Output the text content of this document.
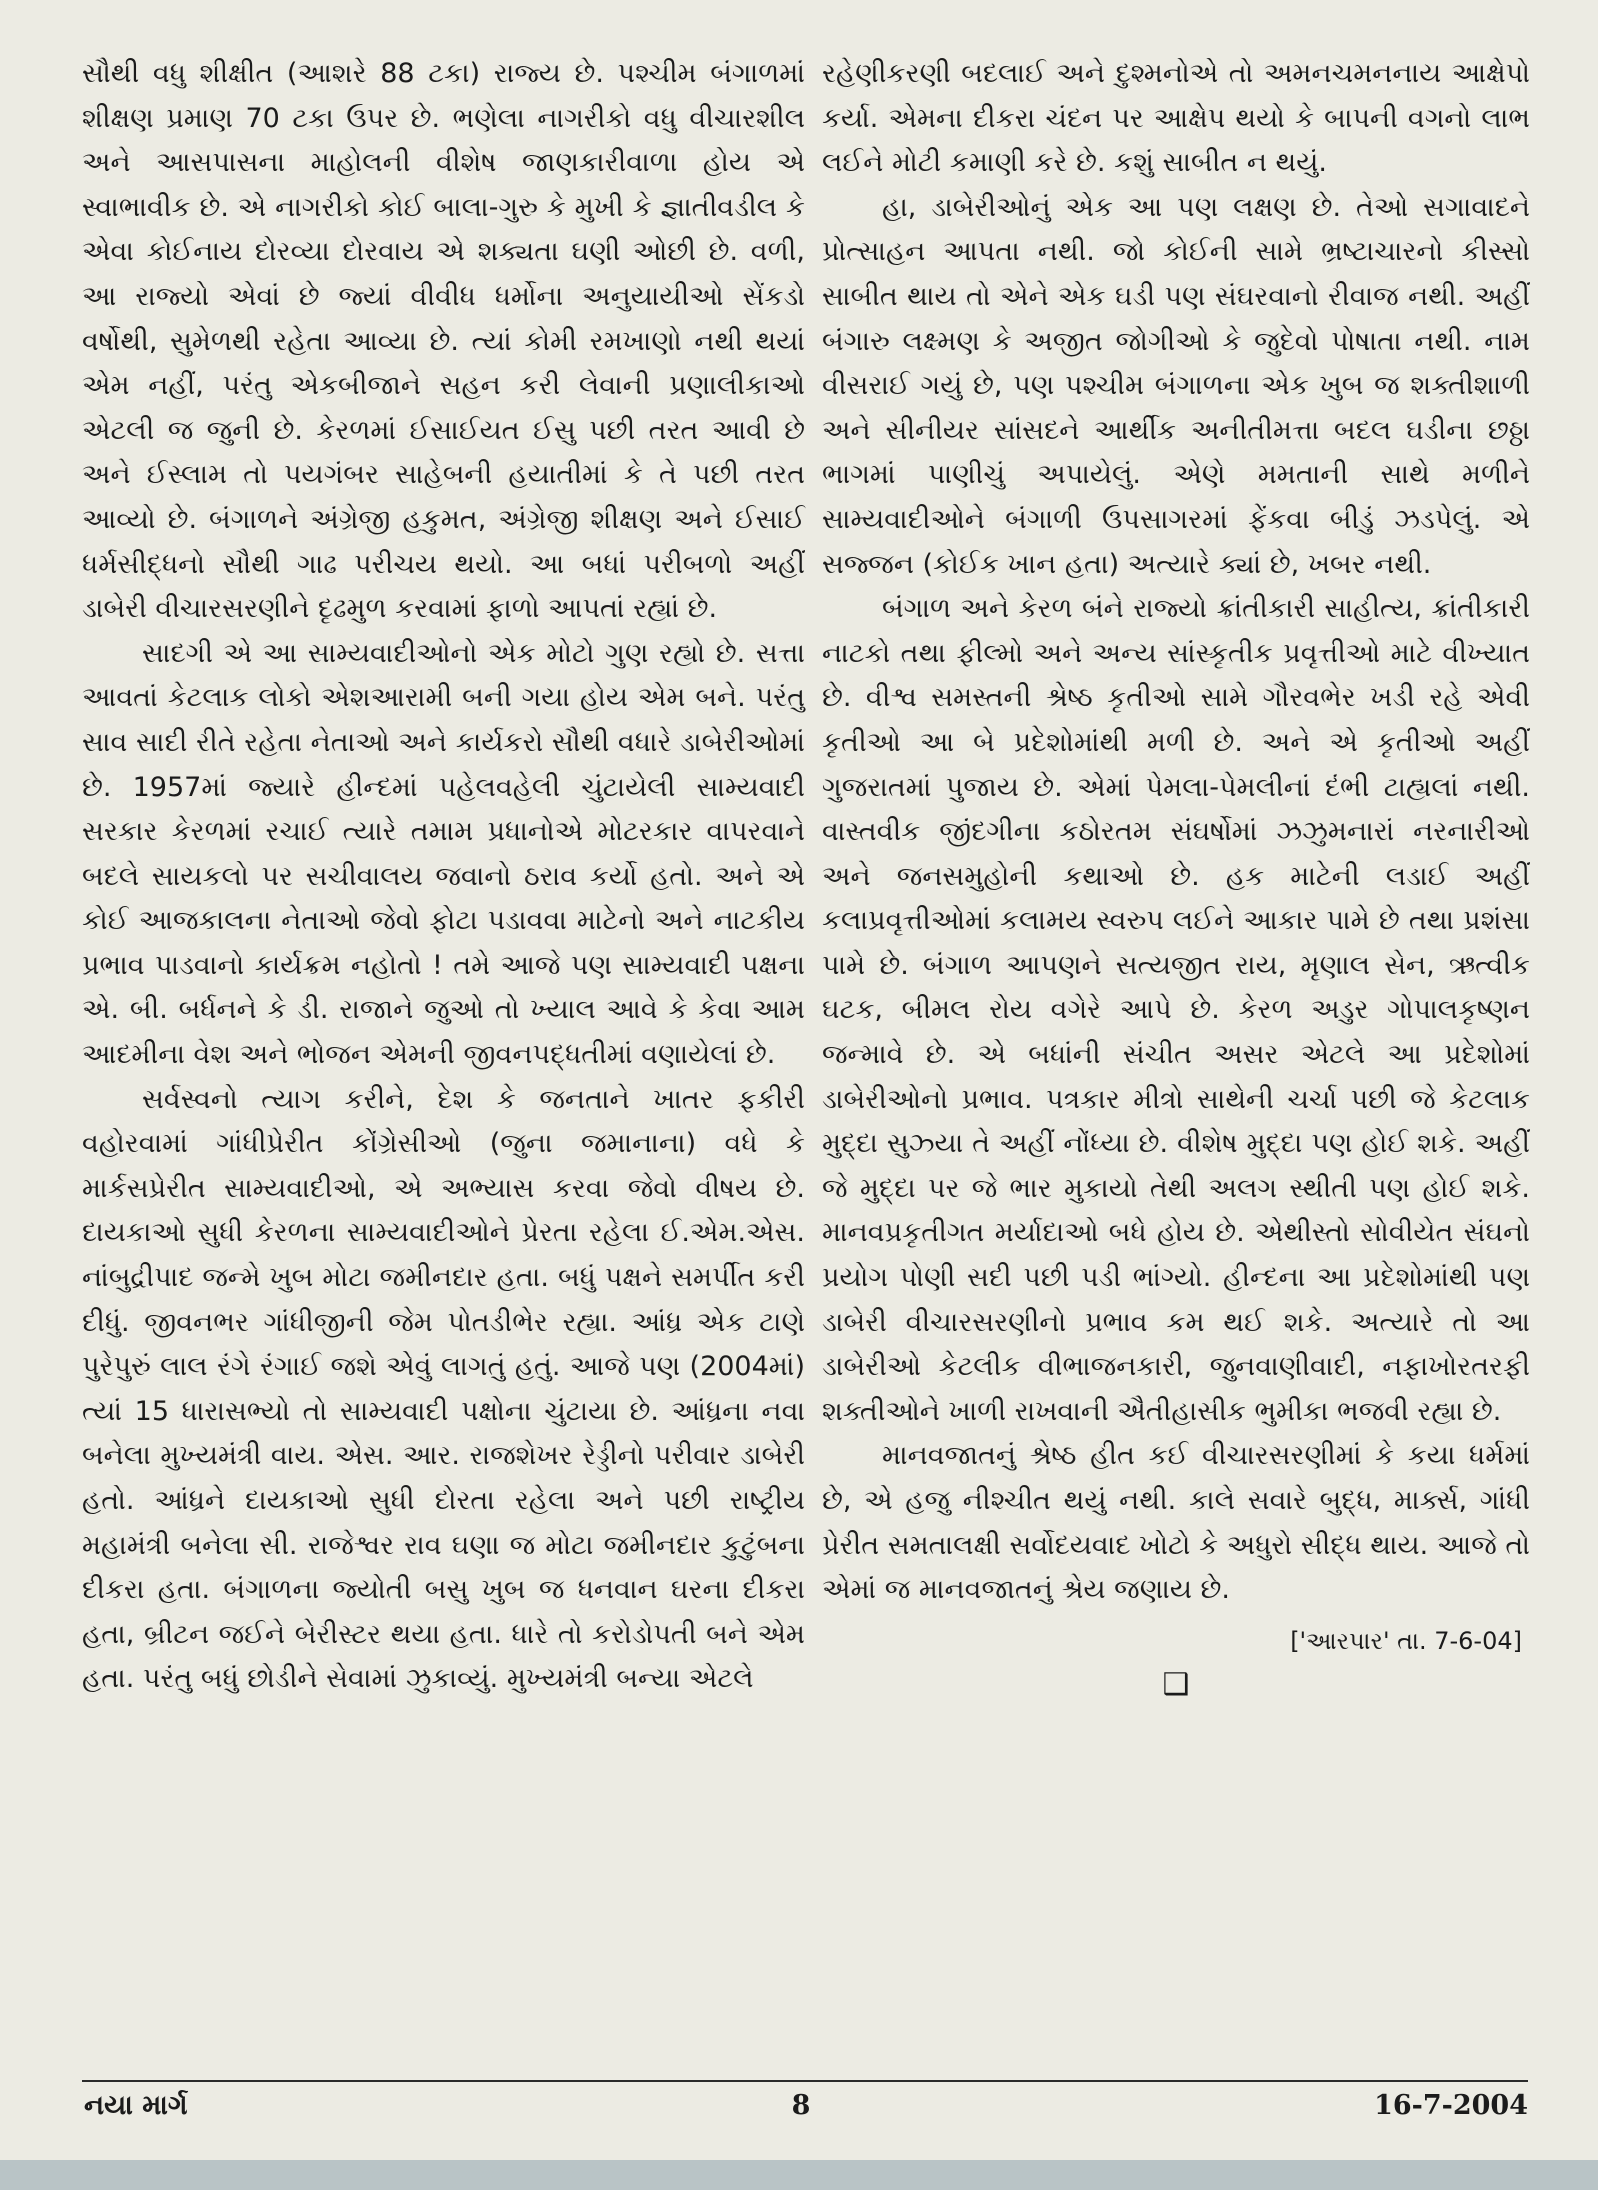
સૌથી વધુ શીક્ષીત (આશરે 88 ટકા) રાજ્ય છે. પશ્ચીમ બંગાળમાં શીક્ષણ પ્રમાણ 70 ટકા ઉપર છે. ભણેલા નાગરીકો વધુ વીચારશીલ અને આસપાસના માહોલની વીશેષ જાણકારીવાળા હોય એ સ્વાભાવીક છે. એ નાગરીકો કોઈ બાલા-ગુરુ કે મુખી કે જ્ઞાતીવડીલ કે એવા કોઈનાય દોરવ્યા દોરવાય એ શક્યતા ઘણી ઓછી છે. વળી, આ રાજ્યો એવાં છે જ્યાં વીવીધ ધર્મોના અનુયાયીઓ સેંકડો વર્ષોથી, સુમેળથી રહેતા આવ્યા છે. ત્યાં કોમી રમખાણો નથી થયાં એમ નહીં, પરંતુ એકબીજાને સહન કરી લેવાની પ્રણાલીકાઓ એટલી જ જુની છે. કેરળમાં ઈસાઈયત ઈસુ પછી તરત આવી છે અને ઈસ્લામ તો પયગંબર સાહેબની હયાતીમાં કે તે પછી તરત આવ્યો છે. બંગાળને અંગ્રેજી હકુમત, અંગ્રેજી શીક્ષણ અને ઈસાઈ ધર્મસીદ્ધનો સૌથી ગાઢ પરીચય થયો. આ બધાં પરીબળો અહીં ડાબેરી વીચારસરણીને દૃઢમુળ કરવામાં ફાળો આપતાં રહ્યાં છે.

સાદગી એ આ સામ્યવાદીઓનો એક મોટો ગુણ રહ્યો છે. સત્તા આવતાં કેટલાક લોકો એશઆરામી બની ગયા હોય એમ બને. પરંતુ સાવ સાદી રીતે રહેતા નેતાઓ અને કાર્યકરો સૌથી વધારે ડાબેરીઓમાં છે. 1957માં જ્યારે હીન્દમાં પહેલવહેલી ચુંટાયેલી સામ્યવાદી સરકાર કેરળમાં રચાઈ ત્યારે તમામ પ્રધાનોએ મોટરકાર વાપરવાને બદલે સાયકલો પર સચીવાલય જવાનો ઠરાવ કર્યો હતો. અને એ કોઈ આજકાલના નેતાઓ જેવો ફોટા પડાવવા માટેનો અને નાટકીય પ્રભાવ પાડવાનો કાર્યક્રમ નહોતો ! તમે આજે પણ સામ્યવાદી પક્ષના એ. બી. બર્ધનને કે ડી. રાજાને જુઓ તો ખ્યાલ આવે કે કેવા આમ આદમીના વેશ અને ભોજન એમની જીવનપદ્ધતીમાં વણાયેલાં છે.

સર્વસ્વનો ત્યાગ કરીને, દેશ કે જનતાને ખાતર ફકીરી વહોરવામાં ગાંધીપ્રેરીત કોંગ્રેસીઓ (જુના જમાનાના) વધે કે માર્કસપ્રેરીત સામ્યવાદીઓ, એ અભ્યાસ કરવા જેવો વીષય છે. દાયકાઓ સુધી કેરળના સામ્યવાદીઓને પ્રેરતા રહેલા ઈ.એમ.એસ. નાંબુદ્રીપાદ જન્મે ખુબ મોટા જમીનદાર હતા. બધું પક્ષને સમર્પીત કરી દીધું. જીવનભર ગાંધીજીની જેમ પોતડીભેર રહ્યા. આંધ્ર એક ટાણે પુરેપુરું લાલ રંગે રંગાઈ જશે એવું લાગતું હતું. આજે પણ (2004માં) ત્યાં 15 ધારાસભ્યો તો સામ્યવાદી પક્ષોના ચુંટાયા છે. આંધ્રના નવા બનેલા મુખ્યમંત્રી વાય. એસ. આર. રાજશેખર રેડ્ડીનો પરીવાર ડાબેરી હતો. આંધ્રને દાયકાઓ સુધી દોરતા રહેલા અને પછી રાષ્ટ્રીય મહામંત્રી બનેલા સી. રાજેશ્વર રાવ ઘણા જ મોટા જમીનદાર કુટુંબના દીકરા હતા. બંગાળના જ્યોતી બસુ ખુબ જ ધનવાન ઘરના દીકરા હતા, બ્રીટન જઈને બેરીસ્ટર થયા હતા. ધારે તો કરોડોપતી બને એમ હતા. પરંતુ બધું છોડીને સેવામાં ઝુકાવ્યું. મુખ્યમંત્રી બન્યા એટલે

રહેણીકરણી બદલાઈ અને દુશ્મનોએ તો અમનચમનનાય આક્ષેપો કર્યા. એમના દીકરા ચંદન પર આક્ષેપ થયો કે બાપની વગનો લાભ લઈને મોટી કમાણી કરે છે. કશું સાબીત ન થયું.

હા, ડાબેરીઓનું એક આ પણ લક્ષણ છે. તેઓ સગાવાદને પ્રોત્સાહન આપતા નથી. જો કોઈની સામે ભ્રષ્ટાચારનો કીસ્સો સાબીત થાય તો એને એક ઘડી પણ સંઘરવાનો રીવાજ નથી. અહીં બંગારુ લક્ષ્મણ કે અજીત જોગીઓ કે જુદેવો પોષાતા નથી. નામ વીસરાઈ ગયું છે, પણ પશ્ચીમ બંગાળના એક ખુબ જ શક્તીશાળી અને સીનીયર સાંસદને આર્થીક અનીતીમત્તા બદલ ઘડીના છઠ્ઠા ભાગમાં પાણીચું અપાયેલું. એણે મમતાની સાથે મળીને સામ્યવાદીઓને બંગાળી ઉપસાગરમાં ફેંકવા બીડું ઝડપેલું. એ સજ્જન (કોઈક ખાન હતા) અત્યારે ક્યાં છે, ખબર નથી.

બંગાળ અને કેરળ બંને રાજ્યો ક્રાંતીકારી સાહીત્ય, ક્રાંતીકારી નાટકો તથા ફીલ્મો અને અન્ય સાંસ્કૃતીક પ્રવૃત્તીઓ માટે વીખ્યાત છે. વીશ્વ સમસ્તની શ્રેષ્ઠ કૃતીઓ સામે ગૌરવભેર ખડી રહે એવી કૃતીઓ આ બે પ્રદેશોમાંથી મળી છે. અને એ કૃતીઓ અહીં ગુજરાતમાં પુજાય છે. એમાં પેમલા-પેમલીનાં દંભી ટાહ્યલાં નથી. વાસ્તવીક જીંદગીના કઠોરતમ સંઘર્ષોમાં ઝઝુમનારાં નરનારીઓ અને જનસમુહોની કથાઓ છે. હક માટેની લડાઈ અહીં કલાપ્રવૃત્તીઓમાં કલામય સ્વરુપ લઈને આકાર પામે છે તથા પ્રશંસા પામે છે. બંગાળ આપણને સત્યજીત રાય, મૃણાલ સેન, ઋત્વીક ઘટક, બીમલ રોય વગેરે આપે છે. કેરળ અડુર ગોપાલકૃષ્ણન જન્માવે છે. એ બધાંની સંચીત અસર એટલે આ પ્રદેશોમાં ડાબેરીઓનો પ્રભાવ. પત્રકાર મીત્રો સાથેની ચર્ચા પછી જે કેટલાક મુદ્દા સુઝ્યા તે અહીં નોંધ્યા છે. વીશેષ મુદ્દા પણ હોઈ શકે. અહીં જે મુદ્દા પર જે ભાર મુકાયો તેથી અલગ સ્થીતી પણ હોઈ શકે. માનવપ્રકૃતીગત મર્યાદાઓ બધે હોય છે. એથીસ્તો સોવીયેત સંઘનો પ્રયોગ પોણી સદી પછી પડી ભાંગ્યો. હીન્દના આ પ્રદેશોમાંથી પણ ડાબેરી વીચારસરણીનો પ્રભાવ કમ થઈ શકે. અત્યારે તો આ ડાબેરીઓ કેટલીક વીભાજનકારી, જુનવાણીવાદી, નફાખોરતરફી શક્તીઓને ખાળી રાખવાની ઐતીહાસીક ભુમીકા ભજવી રહ્યા છે.

માનવજાતનું શ્રેષ્ઠ હીત કઈ વીચારસરણીમાં કે કયા ધર્મમાં છે, એ હજુ નીશ્ચીત થયું નથી. કાલે સવારે બુદ્ધ, માર્ક્સ, ગાંધી પ્રેરીત સમતાલક્ષી સર્વોદયવાદ ખોટો કે અધુરો સીદ્ધ થાય. આજે તો એમાં જ માનવજાતનું શ્રેય જણાય છે.

['આરપાર' તા. 7-6-04]
❑
નયા માર્ગ	8	16-7-2004
